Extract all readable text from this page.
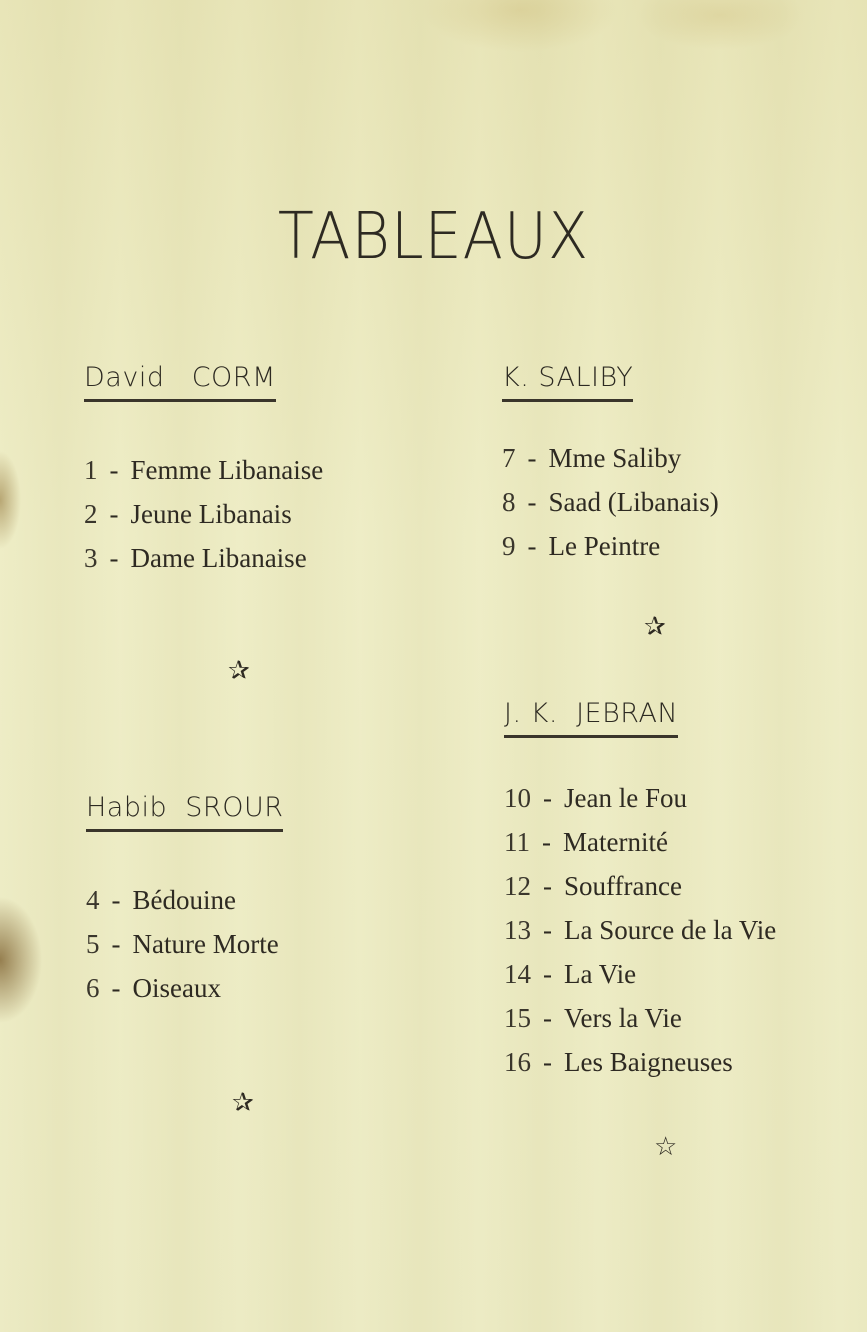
TABLEAUX
David   CORM
1 - Femme Libanaise
2 - Jeune Libanais
3 - Dame Libanaise
✰
Habib  SROUR
4 - Bédouine
5 - Nature Morte
6 - Oiseaux
✰
K. SALIBY
7 - Mme Saliby
8 - Saad (Libanais)
9 - Le Peintre
✰
J. K.  JEBRAN
10 - Jean le Fou
11 - Maternité
12 - Souffrance
13 - La Source de la Vie
14 - La Vie
15 - Vers la Vie
16 - Les Baigneuses
☆
